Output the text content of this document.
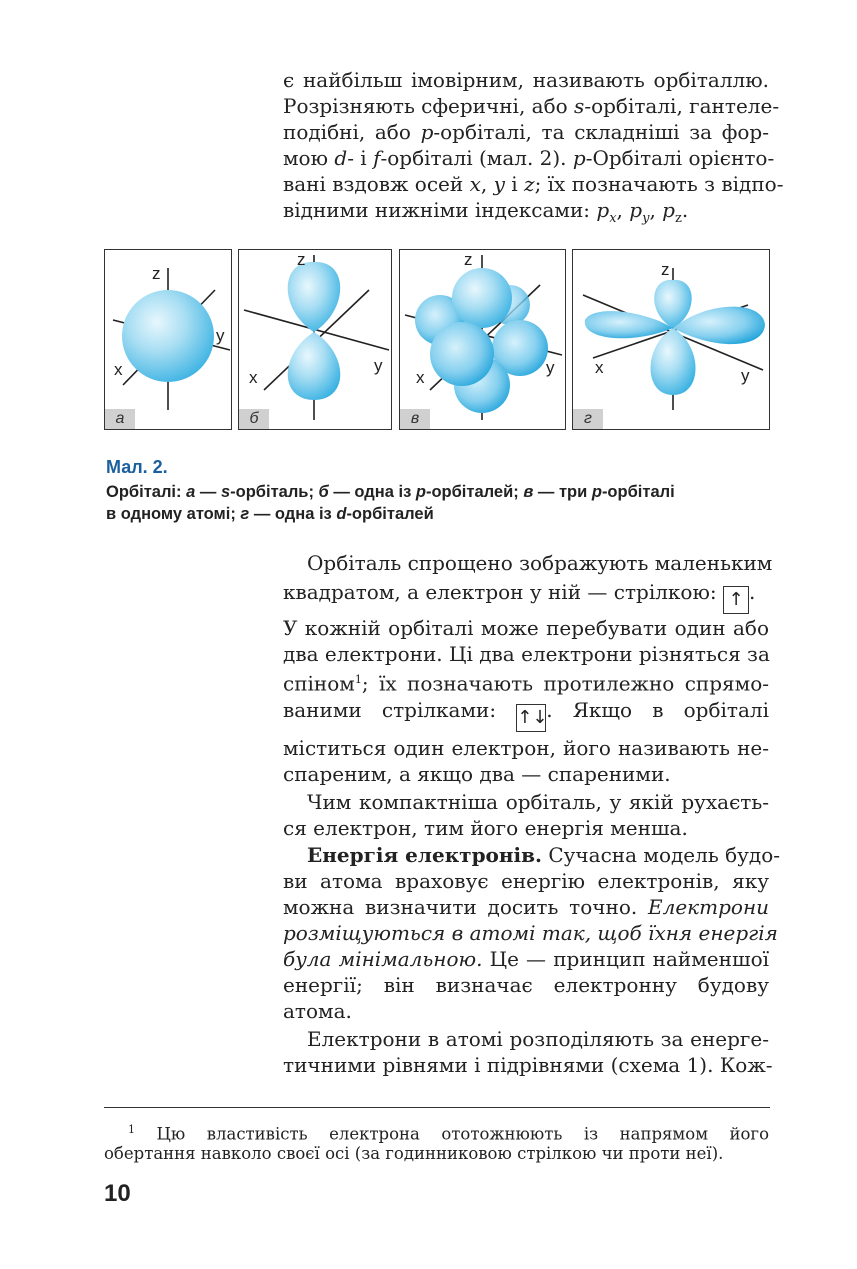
є найбільш імовірним, називають орбіталлю.
Розрізняють сферичні, або s-орбіталі, гантеле-
подібні, або p-орбіталі, та складніші за фор-
мою d- і f-орбіталі (мал. 2). p-Орбіталі орієнто-
вані вздовж осей x, y і z; їх позначають з відпо-
відними нижніми індексами: $p_x$, $p_y$, $p_z$.
z
y
x
а
z
y
x
б
z
y
x
в
z
y
x
г
Мал. 2.
Орбіталі: а — s-орбіталь; б — одна із p-орбіталей; в — три p-орбіталі
в одному атомі; г — одна із d-орбіталей
Орбіталь спрощено зображують маленьким
квадратом, а електрон у ній — стрілкою: ↑ .
У кожній орбіталі може перебувати один або
два електрони. Ці два електрони різняться за
спіном$^1$; їх позначають протилежно спрямо-
ваними стрілками: ↑↓. Якщо в орбіталі
міститься один електрон, його називають не-
спареним, а якщо два — спареними.
Чим компактніша орбіталь, у якій рухаєть-
ся електрон, тим його енергія менша.
Енергія електронів. Сучасна модель будо-
ви атома враховує енергію електронів, яку
можна визначити досить точно. Електрони
розміщуються в атомі так, щоб їхня енергія
була мінімальною. Це — принцип найменшої
енергії; він визначає електронну будову
атома.
Електрони в атомі розподіляють за енерге-
тичними рівнями і підрівнями (схема 1). Кож-
$^1$ Цю властивість електрона ототожнюють із напрямом його
обертання навколо своєї осі (за годинниковою стрілкою чи проти неї).
10
